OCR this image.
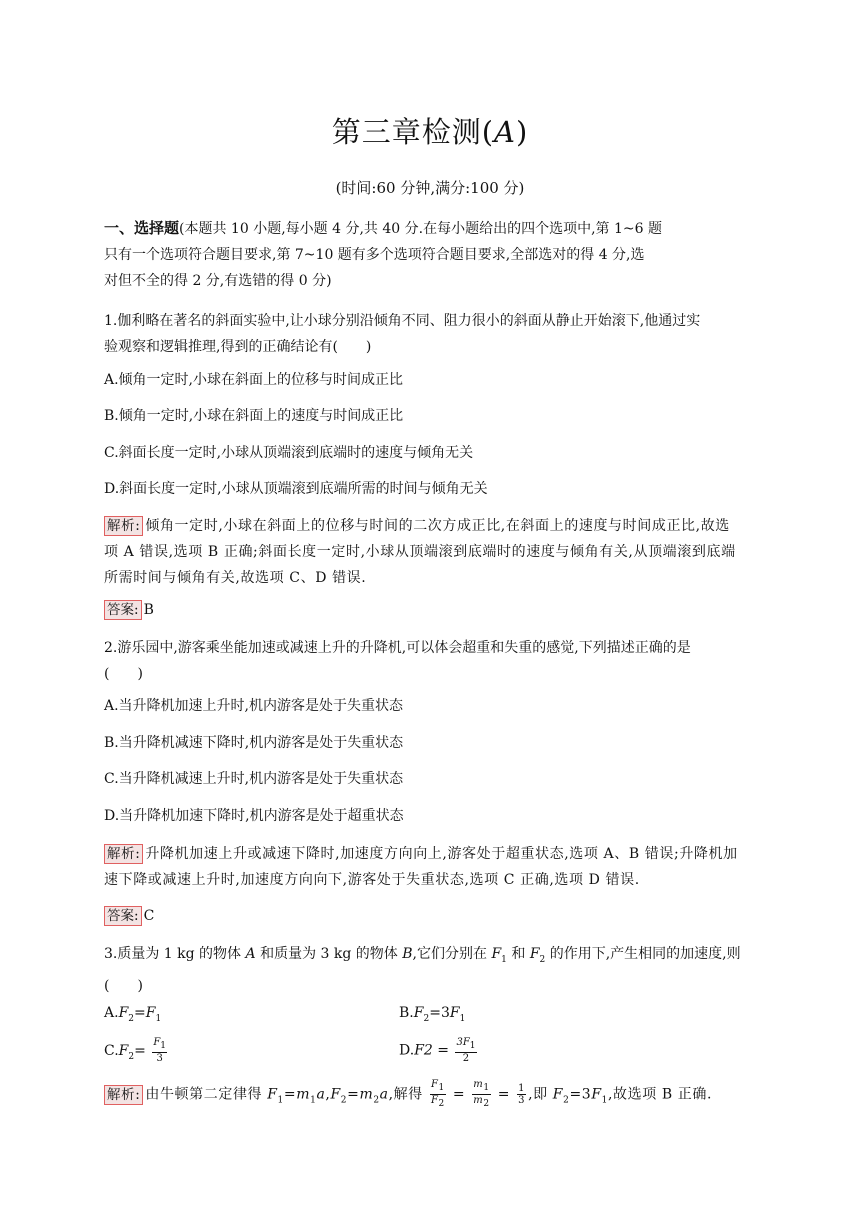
第三章检测(A)
(时间:60 分钟,满分:100 分)
一、选择题(本题共 10 小题,每小题 4 分,共 40 分.在每小题给出的四个选项中,第 1~6 题
只有一个选项符合题目要求,第 7~10 题有多个选项符合题目要求,全部选对的得 4 分,选
对但不全的得 2 分,有选错的得 0 分)
1.伽利略在著名的斜面实验中,让小球分别沿倾角不同、阻力很小的斜面从静止开始滚下,他通过实
验观察和逻辑推理,得到的正确结论有(　　)
A.倾角一定时,小球在斜面上的位移与时间成正比
B.倾角一定时,小球在斜面上的速度与时间成正比
C.斜面长度一定时,小球从顶端滚到底端时的速度与倾角无关
D.斜面长度一定时,小球从顶端滚到底端所需的时间与倾角无关
解析: 倾角一定时,小球在斜面上的位移与时间的二次方成正比,在斜面上的速度与时间成正比,故选
项 A 错误,选项 B 正确;斜面长度一定时,小球从顶端滚到底端时的速度与倾角有关,从顶端滚到底端
所需时间与倾角有关,故选项 C、D 错误.
答案: B
2.游乐园中,游客乘坐能加速或减速上升的升降机,可以体会超重和失重的感觉,下列描述正确的是
(　　)
A.当升降机加速上升时,机内游客是处于失重状态
B.当升降机减速下降时,机内游客是处于失重状态
C.当升降机减速上升时,机内游客是处于失重状态
D.当升降机加速下降时,机内游客是处于超重状态
解析: 升降机加速上升或减速下降时,加速度方向向上,游客处于超重状态,选项 A、B 错误;升降机加
速下降或减速上升时,加速度方向向下,游客处于失重状态,选项 C 正确,选项 D 错误.
答案: C
3.质量为 1 kg 的物体 A 和质量为 3 kg 的物体 B,它们分别在 $F_1$ 和 $F_2$ 的作用下,产生相同的加速度,则
(　　)
$A.F_2=F_1$	$B.F_2=3F_1$
$C.F_2= \frac{F_1}{3}$	$D.F2 = \frac{3F_1}{2}$
解析: 由牛顿第二定律得 $F_1=m_1a,F_2=m_2a$,解得 $\frac{F_1}{F_2} = \frac{m_1}{m_2} = \frac{1}{3}$ ,即 $F_2=3F_1$,故选项 B 正确.
